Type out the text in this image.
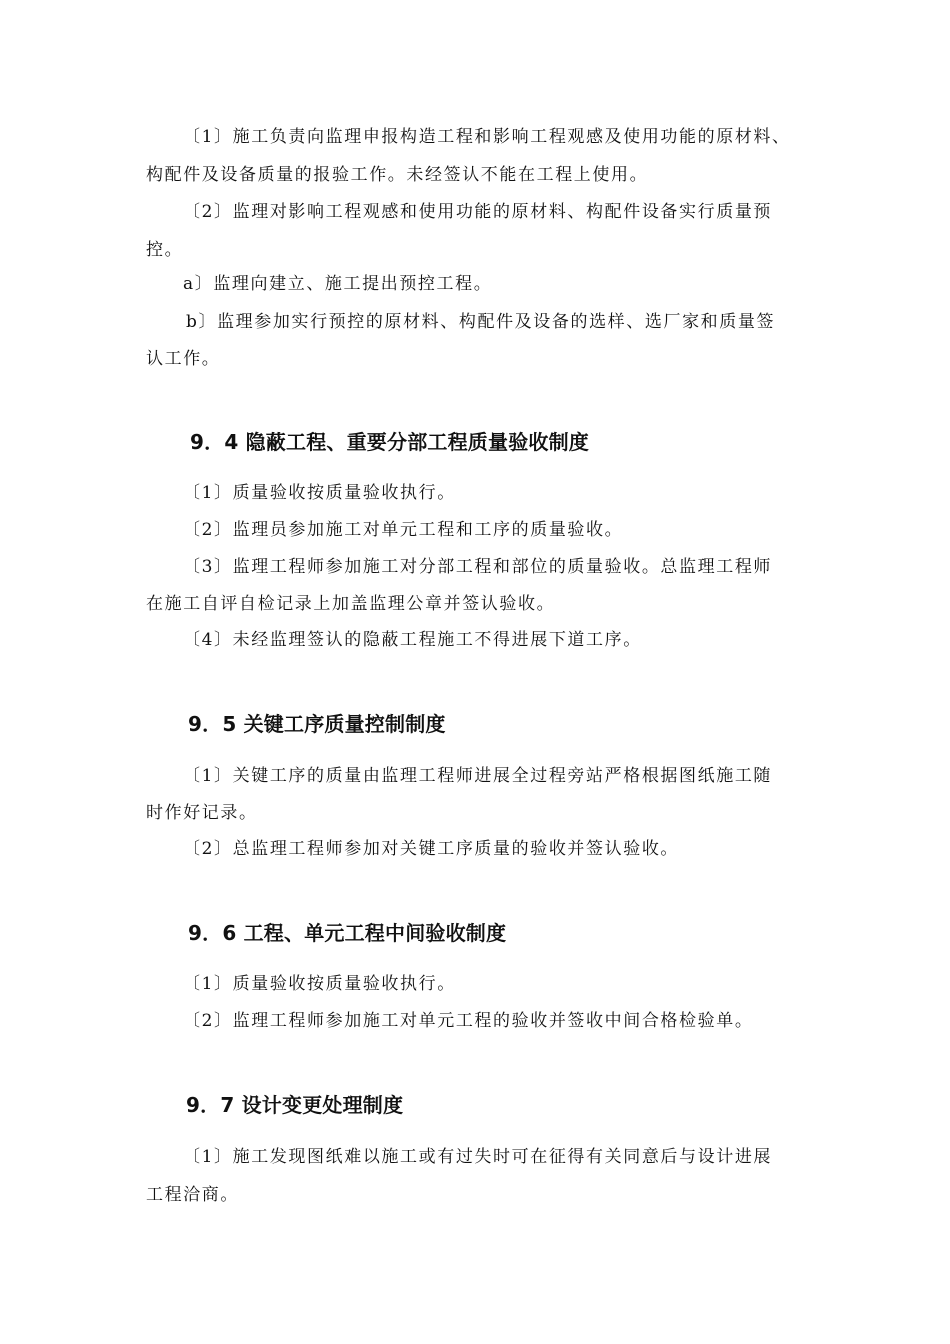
〔1〕施工负责向监理申报构造工程和影响工程观感及使用功能的原材料、
构配件及设备质量的报验工作。未经签认不能在工程上使用。
〔2〕监理对影响工程观感和使用功能的原材料、构配件设备实行质量预
控。
a〕监理向建立、施工提出预控工程。
b〕监理参加实行预控的原材料、构配件及设备的选样、选厂家和质量签
认工作。
9．4 隐蔽工程、重要分部工程质量验收制度
〔1〕质量验收按质量验收执行。
〔2〕监理员参加施工对单元工程和工序的质量验收。
〔3〕监理工程师参加施工对分部工程和部位的质量验收。总监理工程师
在施工自评自检记录上加盖监理公章并签认验收。
〔4〕未经监理签认的隐蔽工程施工不得进展下道工序。
9．5 关键工序质量控制制度
〔1〕关键工序的质量由监理工程师进展全过程旁站严格根据图纸施工随
时作好记录。
〔2〕总监理工程师参加对关键工序质量的验收并签认验收。
9．6 工程、单元工程中间验收制度
〔1〕质量验收按质量验收执行。
〔2〕监理工程师参加施工对单元工程的验收并签收中间合格检验单。
9．7 设计变更处理制度
〔1〕施工发现图纸难以施工或有过失时可在征得有关同意后与设计进展
工程洽商。
